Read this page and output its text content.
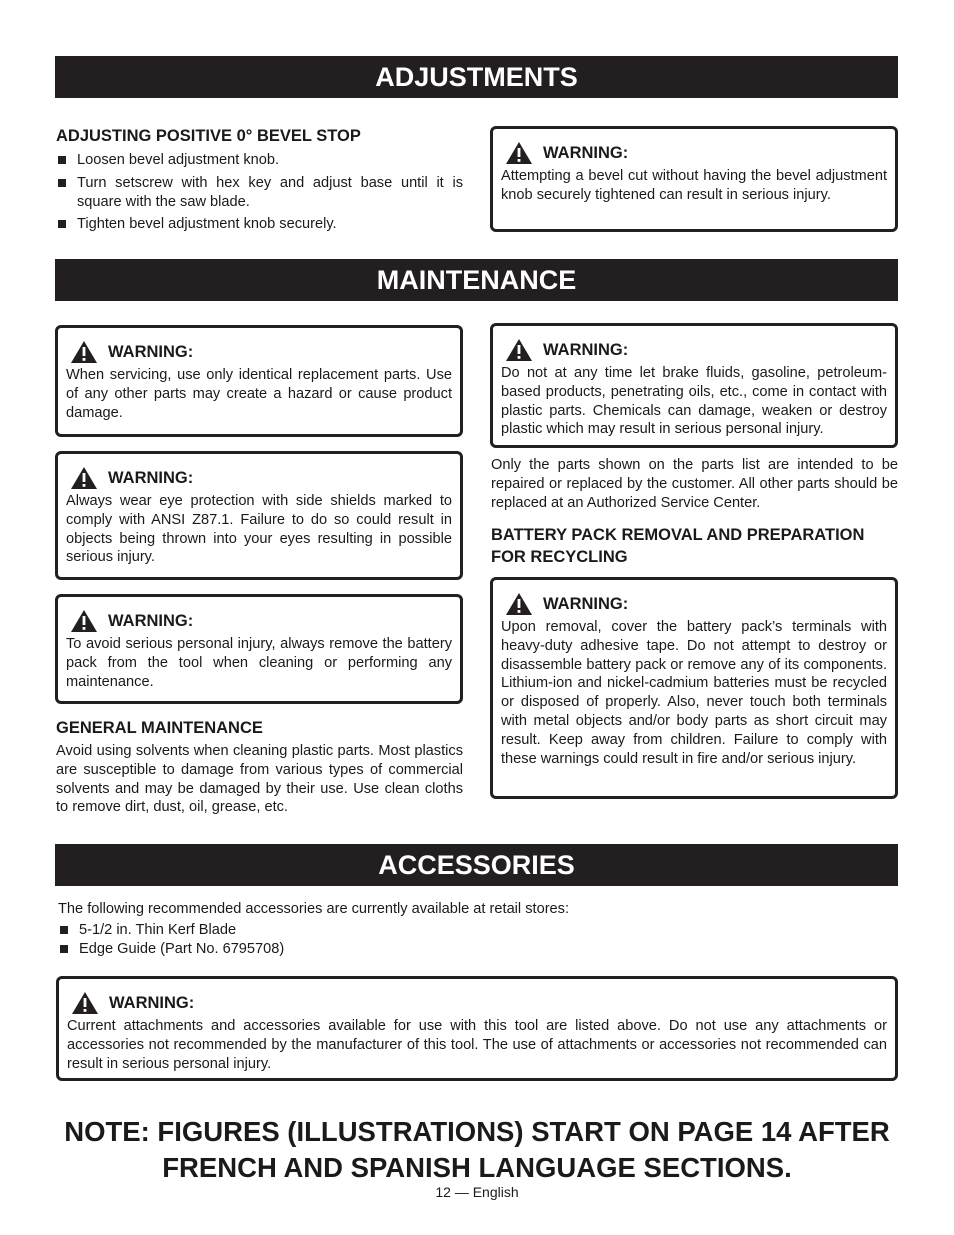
ADJUSTMENTS

ADJUSTING POSITIVE 0° BEVEL STOP

Loosen bevel adjustment knob.
Turn setscrew with hex key and adjust base until it is square with the saw blade.
Tighten bevel adjustment knob securely.
WARNING:
Attempting a bevel cut without having the bevel adjustment knob securely tightened can result in serious injury.
MAINTENANCE
WARNING:
When servicing, use only identical replacement parts. Use of any other parts may create a hazard or cause product damage.
WARNING:
Always wear eye protection with side shields marked to comply with ANSI Z87.1. Failure to do so could result in objects being thrown into your eyes resulting in possible serious injury.
WARNING:
To avoid serious personal injury, always remove the battery pack from the tool when cleaning or performing any maintenance.

GENERAL MAINTENANCE

Avoid using solvents when cleaning plastic parts. Most plastics are susceptible to damage from various types of commercial solvents and may be damaged by their use. Use clean cloths to remove dirt, dust, oil, grease, etc.

WARNING:
Do not at any time let brake fluids, gasoline, petroleum-based products, penetrating oils, etc., come in contact with plastic parts. Chemicals can damage, weaken or destroy plastic which may result in serious personal injury.

Only the parts shown on the parts list are intended to be repaired or replaced by the customer. All other parts should be replaced at an Authorized Service Center.

BATTERY PACK REMOVAL AND PREPARATION FOR RECYCLING

WARNING:
Upon removal, cover the battery pack’s terminals with heavy-duty adhesive tape. Do not attempt to destroy or disassemble battery pack or remove any of its components. Lithium-ion and nickel-cadmium batteries must be recycled or disposed of properly. Also, never touch both terminals with metal objects and/or body parts as short circuit may result. Keep away from children. Failure to comply with these warnings could result in fire and/or serious injury.
ACCESSORIES

The following recommended accessories are currently available at retail stores:

5-1/2 in. Thin Kerf Blade
Edge Guide (Part No. 6795708)
WARNING:
Current attachments and accessories available for use with this tool are listed above. Do not use any attachments or accessories not recommended by the manufacturer of this tool. The use of attachments or accessories not recommended can result in serious personal injury.
NOTE: FIGURES (ILLUSTRATIONS) START ON PAGE 14 AFTER FRENCH AND SPANISH LANGUAGE SECTIONS.
12 — English
